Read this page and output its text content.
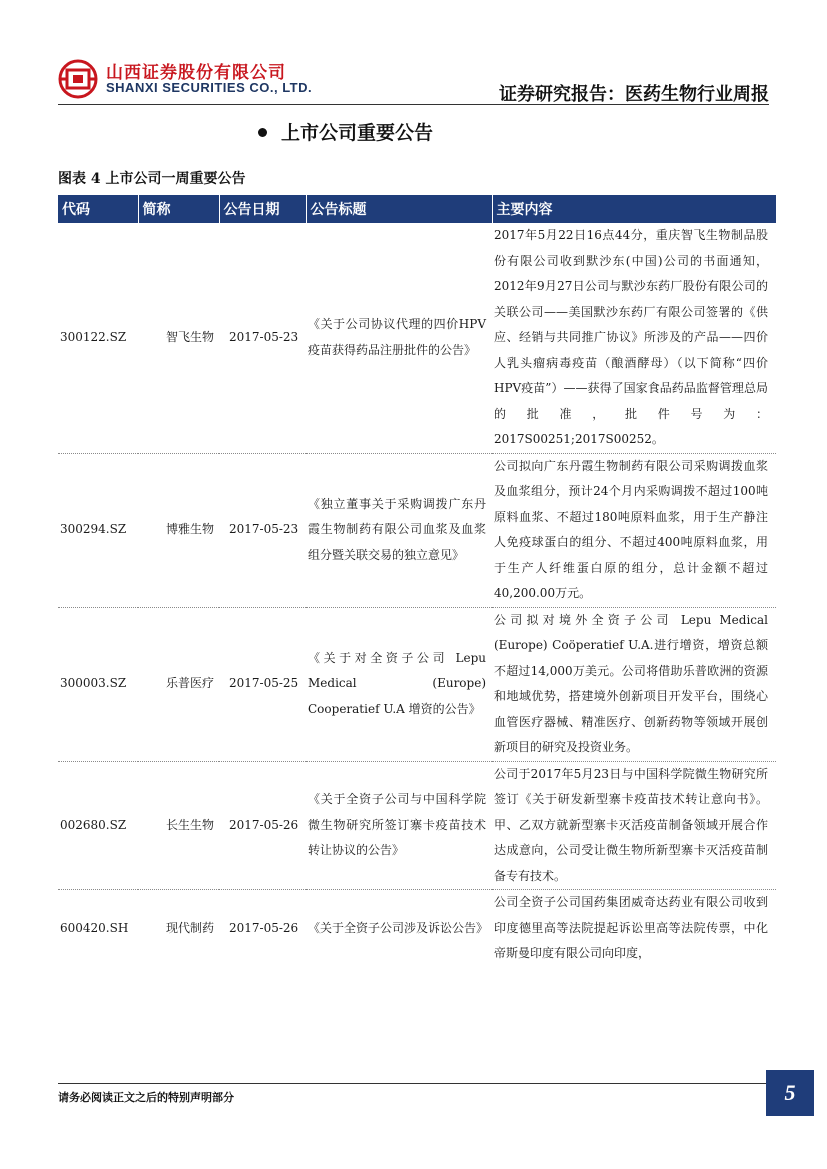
山西证券股份有限公司
SHANXI SECURITIES CO., LTD.	证券研究报告：医药生物行业周报
上市公司重要公告
图表 4 上市公司一周重要公告
代码	简称	公告日期	公告标题	主要内容
300122.SZ	智飞生物	2017-05-23	《关于公司协议代理的四价HPV 疫苗获得药品注册批件的公告》	2017年5月22日16点44分，重庆智飞生物制品股份有限公司收到默沙东(中国)公司的书面通知，2012年9月27日公司与默沙东药厂股份有限公司的关联公司——美国默沙东药厂有限公司签署的《供应、经销与共同推广协议》所涉及的产品——四价人乳头瘤病毒疫苗（酿酒酵母）（以下简称“四价HPV疫苗”）——获得了国家食品药品监督管理总局的批准，批件号为：2017S00251;2017S00252。
300294.SZ	博雅生物	2017-05-23	《独立董事关于采购调拨广东丹霞生物制药有限公司血浆及血浆组分暨关联交易的独立意见》	公司拟向广东丹霞生物制药有限公司采购调拨血浆及血浆组分，预计24个月内采购调拨不超过100吨原料血浆、不超过180吨原料血浆，用于生产静注人免疫球蛋白的组分、不超过400吨原料血浆，用于生产人纤维蛋白原的组分，总计金额不超过40,200.00万元。
300003.SZ	乐普医疗	2017-05-25	《关于对全资子公司 Lepu Medical (Europe) Cooperatief U.A 增资的公告》	公司拟对境外全资子公司 Lepu Medical (Europe) Coöperatief U.A.进行增资，增资总额不超过14,000万美元。公司将借助乐普欧洲的资源和地域优势，搭建境外创新项目开发平台，围绕心血管医疗器械、精准医疗、创新药物等领域开展创新项目的研究及投资业务。
002680.SZ	长生生物	2017-05-26	《关于全资子公司与中国科学院微生物研究所签订寨卡疫苗技术转让协议的公告》	公司于2017年5月23日与中国科学院微生物研究所签订《关于研发新型寨卡疫苗技术转让意向书》。甲、乙双方就新型寨卡灭活疫苗制备领域开展合作达成意向，公司受让微生物所新型寨卡灭活疫苗制备专有技术。
600420.SH	现代制药	2017-05-26	《关于全资子公司涉及诉讼公告》	公司全资子公司国药集团威奇达药业有限公司收到印度德里高等法院提起诉讼里高等法院传票，中化帝斯曼印度有限公司向印度，
请务必阅读正文之后的特别声明部分	5
